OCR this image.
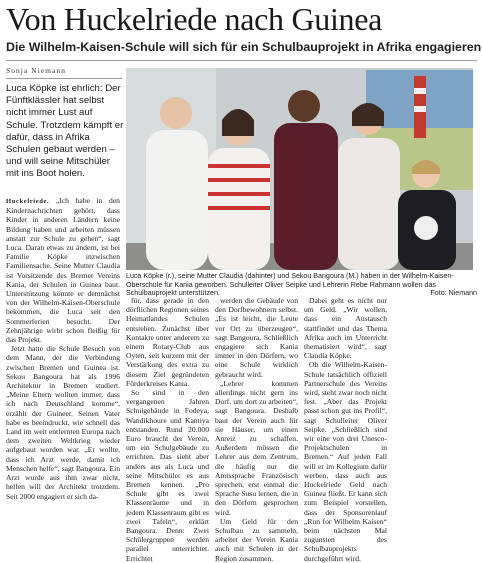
Von Huckelriede nach Guinea
Die Wilhelm-Kaisen-Schule will sich für ein Schulbauprojekt in Afrika engagieren
Sonja Niemann

Luca Köpke ist ehrlich: Der Fünftklässler hat selbst nicht immer Lust auf Schule. Trotzdem kämpft er dafür, dass in Afrika Schulen gebaut werden – und will seine Mitschüler mit ins Boot holen.

Luca Köpke (r.), seine Mutter Claudia (dahinter) und Sekou Bangoura (M.) haben in der Wilhelm-Kaisen-Oberschule für Kania geworben. Schulleiter Oliver Seipke und Lehrerin Rebe Rahmann wollen das Schulbauprojekt unterstützen.	Foto: Niemann

Huckelriede. „Ich habe in den Kindernachrichten gehört, dass Kinder in anderen Ländern keine Bildung haben und arbeiten müssen anstatt zur Schule zu gehen“, sagt Luca. Daran etwas zu ändern, ist bei Familie Köpke inzwischen Familiensache. Seine Mutter Claudia ist Vorsitzende des Bremer Vereins Kania, der Schulen in Guinea baut. Unterstützung könnte er demnächst von der Wilhelm-Kaisen-Oberschule bekommen, die Luca seit den Sommerferien besucht. Der Zehnjährige wirbt schon fleißig für das Projekt.

Jetzt hatte die Schule Besuch von dem Mann, der die Verbindung zwischen Bremen und Guinea ist. Sekou Bangoura hat als 1996 Architektur in Bremen studiert. „Meine Eltern wollten immer, dass ich nach Deutschland komme“, erzählt der Guineer. Seinen Vater habe es beeindruckt, wie schnell das Land im weit entfernten Europa nach dem zweiten Weltkrieg wieder aufgebaut worden war. „Er wollte, dass ich Arzt werde, damit ich Menschen helfe“, sagt Bangoura. Ein Arzt wurde aus ihm zwar nicht, helfen will der Architekt trotzdem. Seit 2000 engagiert er sich da-

für, dass gerade in den dörflichen Regionen seines Heimatlandes Schulen entstehen. Zunächst über Kontakte unter anderem zu einem Rotary-Club aus Oyten, seit kurzem mit der Verstärkung des extra zu diesem Ziel gegründeten Förderkreises Kania.

So sind in den vergangenen Jahren Schulgebäude in Fodeya, Wandikhoure und Kantiya entstanden. Rund 20.000 Euro braucht der Verein, um ein Schulgebäude zu errichten. Das sieht aber anders aus als Luca und seine Mitschüler es aus Bremen kennen. „Pro Schule gibt es zwei Klassenräume und in jedem Klassenraum gibt es zwei Tafeln“, erklärt Bangoura. Denn: Zwei Schülergruppen werden parallel unterrichtet. Errichtet

werden die Gebäude von den Dorfbewohnern selbst. „Es ist leicht, die Leute vor Ort zu überzeugen“, sagt Bangoura. Schließlich engagiere sich Kania immer in den Dörfern, wo eine Schule wirklich gebraucht wird.

„Lehrer kommen allerdings nicht gern ins Dorf, um dort zu arbeiten“, sagt Bangoura. Deshalb baut der Verein auch für sie Häuser, um einen Anreiz zu schaffen. Außerdem müssen die Lehrer aus dem Zentrum, die häufig nur die Amtssprache Französisch sprechen, erst einmal die Sprache Susu lernen, die in den Dörfern gesprochen wird.

Um Geld für den Schulbau zu sammeln, arbeitet der Verein Kania auch mit Schulen in der Region zusammen.

Dabei geht es nicht nur um Geld. „Wir wollen, dass ein Austausch stattfindet und das Thema Afrika auch im Unterricht thematisiert wird“, sagt Claudia Köpke.

Ob die Wilhelm-Kaisen-Schule tatsächlich offiziell Partnerschule des Vereins wird, steht zwar noch nicht fest. „Aber das Projekt passt schon gut ins Profil“, sagt Schulleiter Oliver Seipke. „Schließlich sind wir eine von drei Unesco-Projektschulen in Bremen.“ Auf jeden Fall will er im Kollegium dafür werben, dass auch aus Huckelriede Geld nach Guinea fließt. Er kann sich zum Beispiel vorstellen, dass der Sponsorenlauf „Run for Wilhelm Kaisen“ beim nächsten Mal zugunsten des Schulbauprojekts durchgeführt wird.
